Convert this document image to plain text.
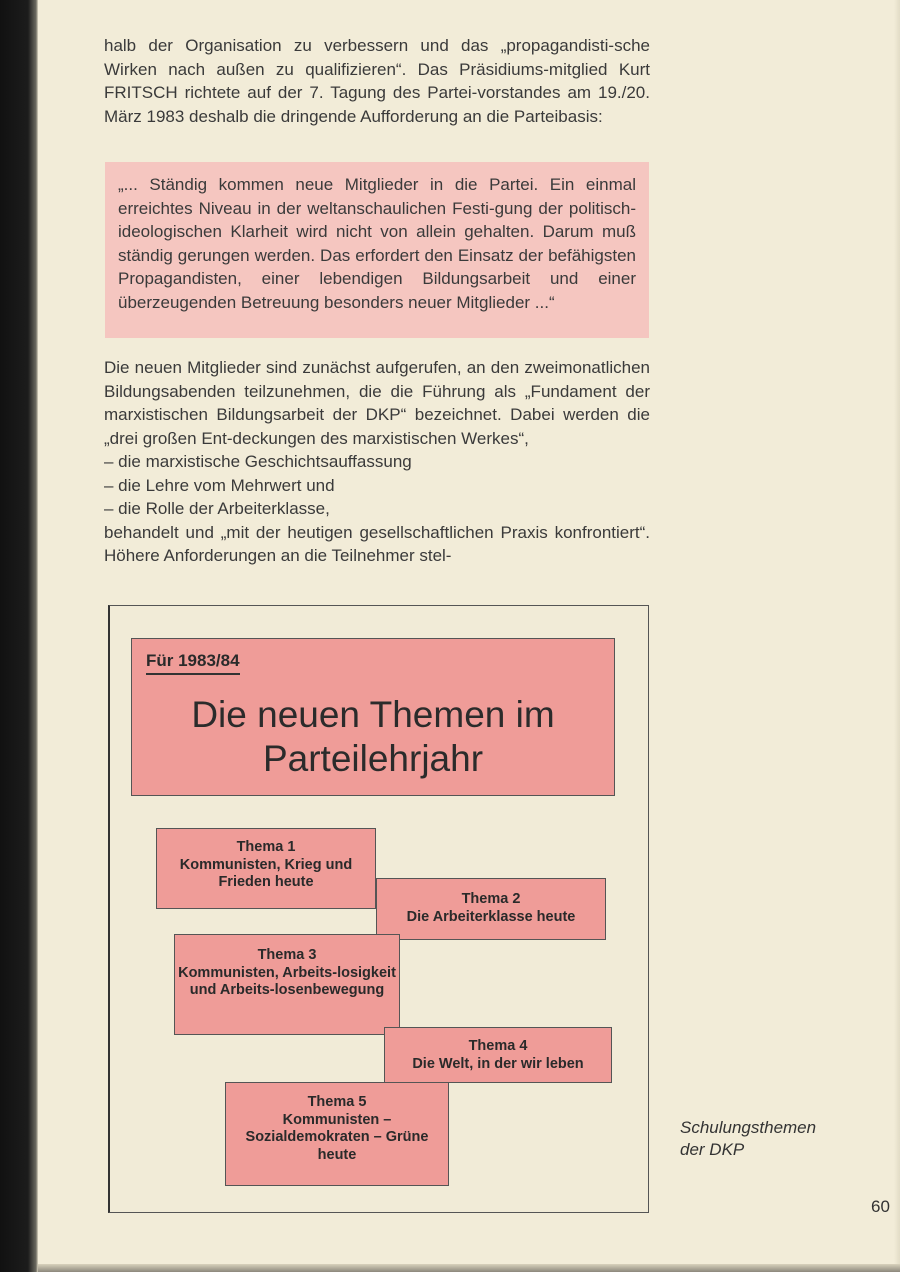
halb der Organisation zu verbessern und das „propagandisti-sche Wirken nach außen zu qualifizieren“. Das Präsidiums-mitglied Kurt FRITSCH richtete auf der 7. Tagung des Partei-vorstandes am 19./20. März 1983 deshalb die dringende Aufforderung an die Parteibasis:

„... Ständig kommen neue Mitglieder in die Partei. Ein einmal erreichtes Niveau in der weltanschaulichen Festi-gung der politisch-ideologischen Klarheit wird nicht von allein gehalten. Darum muß ständig gerungen werden. Das erfordert den Einsatz der befähigsten Propagandisten, einer lebendigen Bildungsarbeit und einer überzeugenden Betreuung besonders neuer Mitglieder ...“

Die neuen Mitglieder sind zunächst aufgerufen, an den zweimonatlichen Bildungsabenden teilzunehmen, die die Führung als „Fundament der marxistischen Bildungsarbeit der DKP“ bezeichnet. Dabei werden die „drei großen Ent-deckungen des marxistischen Werkes“,

– die marxistische Geschichtsauffassung

– die Lehre vom Mehrwert und

– die Rolle der Arbeiterklasse,

behandelt und „mit der heutigen gesellschaftlichen Praxis konfrontiert“. Höhere Anforderungen an die Teilnehmer stel-

Für 1983/84
Die neuen Themen im Parteilehrjahr
Thema 1
Kommunisten, Krieg und Frieden heute
Thema 2
Die Arbeiterklasse heute
Thema 3
Kommunisten, Arbeits-losigkeit und Arbeits-losenbewegung
Thema 4
Die Welt, in der wir leben
Thema 5
Kommunisten – Sozialdemokraten – Grüne heute

Schulungsthemen
der DKP

60
